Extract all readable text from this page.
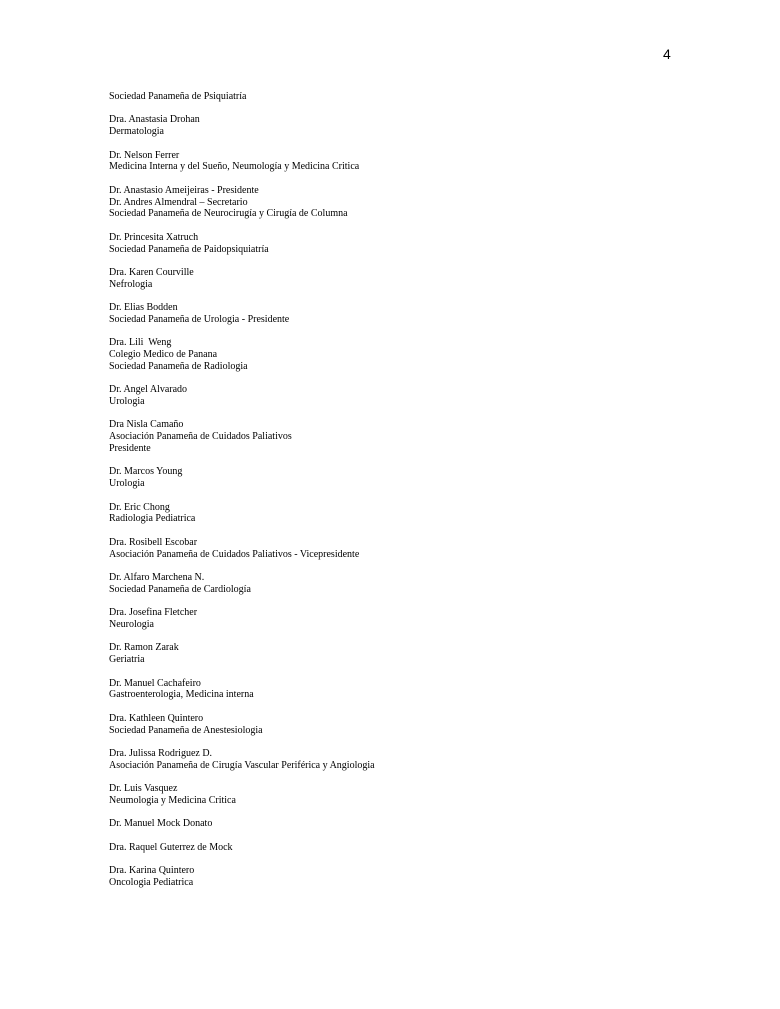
4
Sociedad Panameña de Psiquiatría
Dra. Anastasia Drohan
Dermatologia
Dr. Nelson Ferrer
Medicina Interna y del Sueño, Neumología y Medicina Critica
Dr. Anastasio Ameijeiras - Presidente
Dr. Andres Almendral – Secretario
Sociedad Panameña de Neurocirugía y Cirugía de Columna
Dr. Princesita Xatruch
Sociedad Panameña de Paidopsiquiatría
Dra. Karen Courville
Nefrologia
Dr. Elias Bodden
Sociedad Panameña de Urologia - Presidente
Dra. Lili  Weng
Colegio Medico de Panana
Sociedad Panameña de Radiologia
Dr. Angel Alvarado
Urologia
Dra Nisla Camaño
Asociación Panameña de Cuidados Paliativos
Presidente
Dr. Marcos Young
Urologia
Dr. Eric Chong
Radiologia Pediatrica
Dra. Rosibell Escobar
Asociación Panameña de Cuidados Paliativos - Vicepresidente
Dr. Alfaro Marchena N.
Sociedad Panameña de Cardiología
Dra. Josefina Fletcher
Neurologia
Dr. Ramon Zarak
Geriatria
Dr. Manuel Cachafeiro
Gastroenterologia, Medicina interna
Dra. Kathleen Quintero
Sociedad Panameña de Anestesiologia
Dra. Julissa Rodriguez D.
Asociación Panameña de Cirugía Vascular Periférica y Angiologia
Dr. Luis Vasquez
Neumologia y Medicina Critica
Dr. Manuel Mock Donato
Dra. Raquel Guterrez de Mock
Dra. Karina Quintero
Oncologia Pediatrica
